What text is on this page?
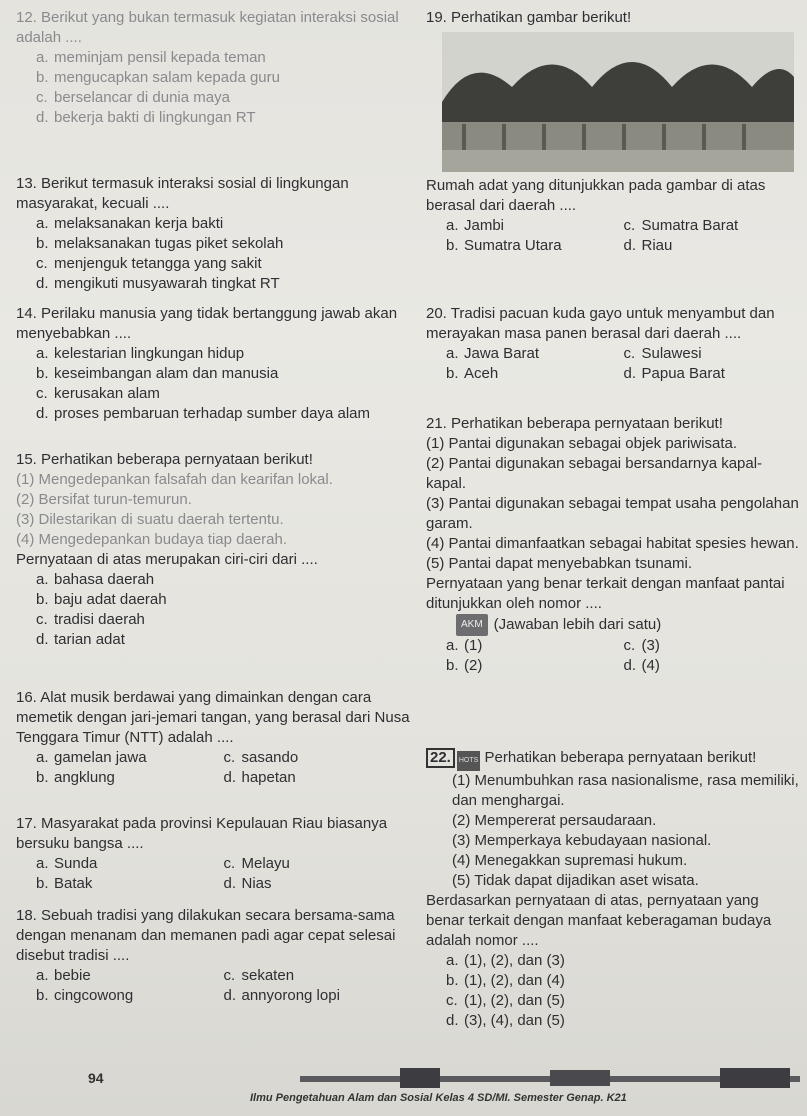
12. Berikut yang bukan termasuk kegiatan interaksi sosial adalah ....
a. meminjam pensil kepada teman
b. mengucapkan salam kepada guru
c. berselancar di dunia maya
d. bekerja bakti di lingkungan RT
13. Berikut termasuk interaksi sosial di lingkungan masyarakat, kecuali ....
a. melaksanakan kerja bakti
b. melaksanakan tugas piket sekolah
c. menjenguk tetangga yang sakit
d. mengikuti musyawarah tingkat RT
14. Perilaku manusia yang tidak bertanggung jawab akan menyebabkan ....
a. kelestarian lingkungan hidup
b. keseimbangan alam dan manusia
c. kerusakan alam
d. proses pembaruan terhadap sumber daya alam
15. Perhatikan beberapa pernyataan berikut!
(1) Mengedepankan falsafah dan kearifan lokal.
(2) Bersifat turun-temurun.
(3) Dilestarikan di suatu daerah tertentu.
(4) Mengedepankan budaya tiap daerah.
Pernyataan di atas merupakan ciri-ciri dari ....
a. bahasa daerah
b. baju adat daerah
c. tradisi daerah
d. tarian adat
16. Alat musik berdawai yang dimainkan dengan cara memetik dengan jari-jemari tangan, yang berasal dari Nusa Tenggara Timur (NTT) adalah ....
a. gamelan jawa	c. sasando
b. angklung	d. hapetan
17. Masyarakat pada provinsi Kepulauan Riau biasanya bersuku bangsa ....
a. Sunda	c. Melayu
b. Batak	d. Nias
18. Sebuah tradisi yang dilakukan secara bersama-sama dengan menanam dan memanen padi agar cepat selesai disebut tradisi ....
a. bebie	c. sekaten
b. cingcowong	d. annyorong lopi
19. Perhatikan gambar berikut!
Rumah adat yang ditunjukkan pada gambar di atas berasal dari daerah ....
a. Jambi	c. Sumatra Barat
b. Sumatra Utara	d. Riau
20. Tradisi pacuan kuda gayo untuk menyambut dan merayakan masa panen berasal dari daerah ....
a. Jawa Barat	c. Sulawesi
b. Aceh	d. Papua Barat
21. Perhatikan beberapa pernyataan berikut!
(1) Pantai digunakan sebagai objek pariwisata.
(2) Pantai digunakan sebagai bersandarnya kapal-kapal.
(3) Pantai digunakan sebagai tempat usaha pengolahan garam.
(4) Pantai dimanfaatkan sebagai habitat spesies hewan.
(5) Pantai dapat menyebabkan tsunami.
Pernyataan yang benar terkait dengan manfaat pantai ditunjukkan oleh nomor ....
AKM (Jawaban lebih dari satu)
a. (1)	c. (3)
b. (2)	d. (4)
22. HOTS Perhatikan beberapa pernyataan berikut!
(1) Menumbuhkan rasa nasionalisme, rasa memiliki, dan menghargai.
(2) Mempererat persaudaraan.
(3) Memperkaya kebudayaan nasional.
(4) Menegakkan supremasi hukum.
(5) Tidak dapat dijadikan aset wisata.
Berdasarkan pernyataan di atas, pernyataan yang benar terkait dengan manfaat keberagaman budaya adalah nomor ....
a. (1), (2), dan (3)
b. (1), (2), dan (4)
c. (1), (2), dan (5)
d. (3), (4), dan (5)
94
Ilmu Pengetahuan Alam dan Sosial Kelas 4 SD/MI. Semester Genap. K21
